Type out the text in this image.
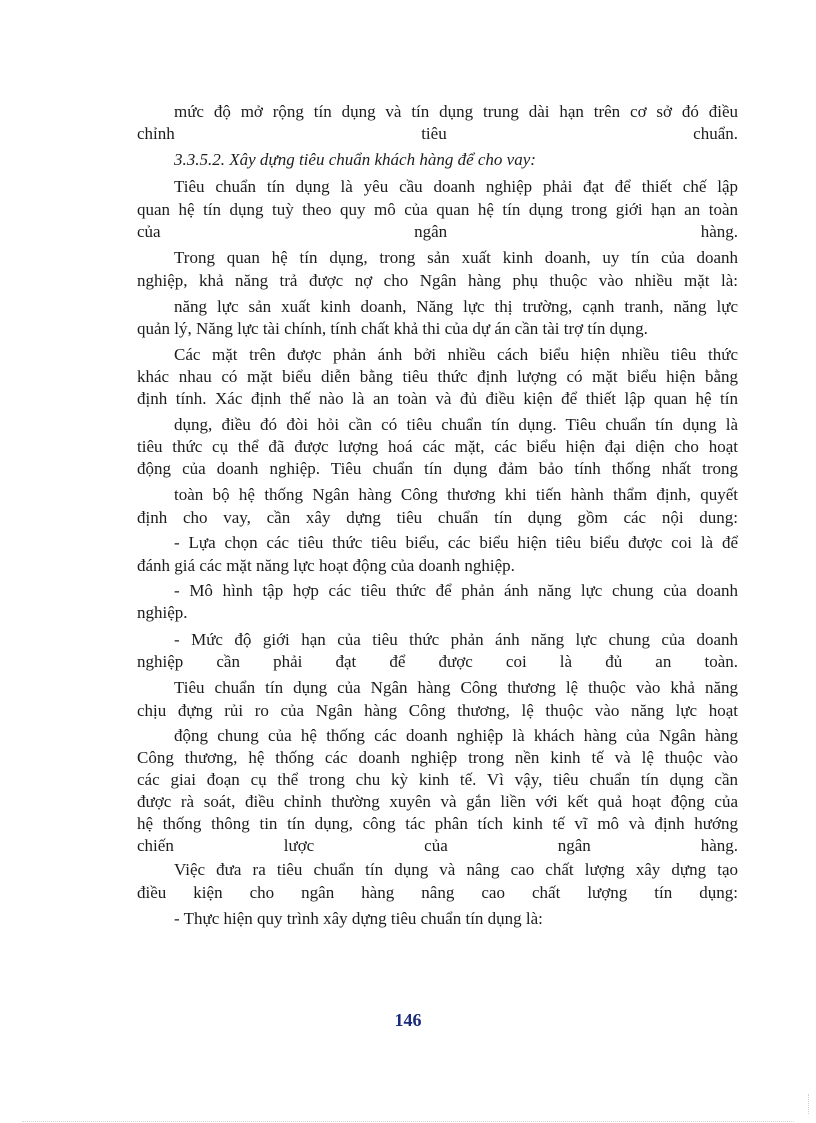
mức độ mở rộng tín dụng và tín dụng trung dài hạn trên cơ sở đó điều
chỉnh tiêu chuẩn.
3.3.5.2. Xây dựng tiêu chuẩn khách hàng để cho vay:
Tiêu chuẩn tín dụng là yêu cầu doanh nghiệp phải đạt để thiết chế lập
quan hệ tín dụng tuỳ theo quy mô của quan hệ tín dụng trong giới hạn an toàn
của ngân hàng.
Trong quan hệ tín dụng, trong sản xuất kinh doanh, uy tín của doanh
nghiệp, khả năng trả được nợ cho Ngân hàng phụ thuộc vào nhiều mặt là:
năng lực sản xuất kinh doanh, Năng lực thị trường, cạnh tranh, năng lực
quản lý, Năng lực tài chính, tính chất khả thi của dự án cần tài trợ tín dụng.
Các mặt trên được phản ánh bởi nhiều cách biểu hiện nhiều tiêu thức
khác nhau có mặt biểu diễn bằng tiêu thức định lượng có mặt biểu hiện bằng
định tính. Xác định thế nào là an toàn và đủ điều kiện để thiết lập quan hệ tín
dụng, điều đó đòi hỏi cần có tiêu chuẩn tín dụng. Tiêu chuẩn tín dụng là
tiêu thức cụ thể đã được lượng hoá các mặt, các biểu hiện đại diện cho hoạt
động của doanh nghiệp. Tiêu chuẩn tín dụng đảm bảo tính thống nhất trong
toàn bộ hệ thống Ngân hàng Công thương khi tiến hành thẩm định, quyết
định cho vay, cần xây dựng tiêu chuẩn tín dụng gồm các nội dung:
- Lựa chọn các tiêu thức tiêu biểu, các biểu hiện tiêu biểu được coi là để
đánh giá các mặt năng lực hoạt động của doanh nghiệp.
- Mô hình tập hợp các tiêu thức để phản ánh năng lực chung của doanh
nghiệp.
- Mức độ giới hạn của tiêu thức phản ánh năng lực chung của doanh
nghiệp cần phải đạt để được coi là đủ an toàn.
Tiêu chuẩn tín dụng của Ngân hàng Công thương lệ thuộc vào khả năng
chịu đựng rủi ro của Ngân hàng Công thương, lệ thuộc vào năng lực hoạt
động chung của hệ thống các doanh nghiệp là khách hàng của Ngân hàng
Công thương, hệ thống các doanh nghiệp trong nền kinh tế và lệ thuộc vào
các giai đoạn cụ thể trong chu kỳ kinh tế. Vì vậy, tiêu chuẩn tín dụng cần
được rà soát, điều chỉnh thường xuyên và gắn liền với kết quả hoạt động của
hệ thống thông tin tín dụng, công tác phân tích kinh tế vĩ mô và định hướng
chiến lược của ngân hàng.
Việc đưa ra tiêu chuẩn tín dụng và nâng cao chất lượng xây dựng tạo
điều kiện cho ngân hàng nâng cao chất lượng tín dụng:
- Thực hiện quy trình xây dựng tiêu chuẩn tín dụng là:
146
